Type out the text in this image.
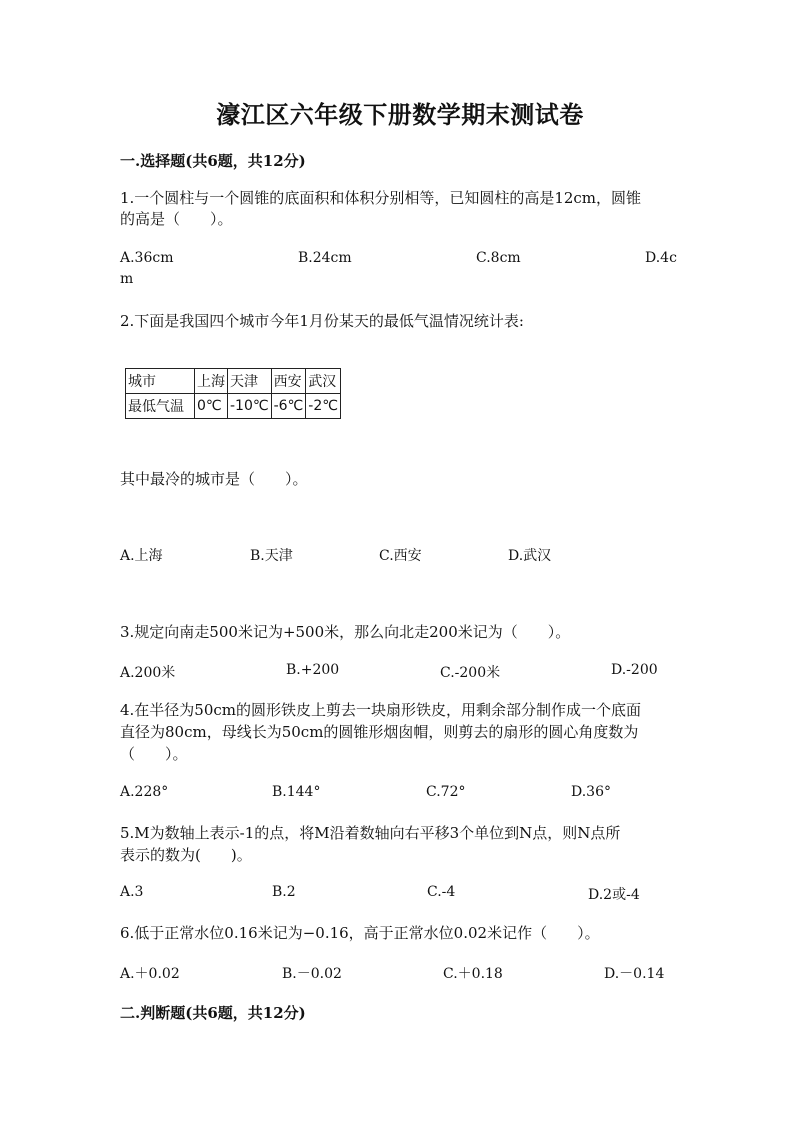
濠江区六年级下册数学期末测试卷
一.选择题(共6题，共12分)
1.一个圆柱与一个圆锥的底面积和体积分别相等，已知圆柱的高是12cm，圆锥
的高是（　　）。
A.36cm	B.24cm	C.8cm	D.4c
m
2.下面是我国四个城市今年1月份某天的最低气温情况统计表:
城市	上海	天津	西安	武汉
最低气温	0℃	-10℃	-6℃	-2℃
其中最冷的城市是（　　）。
A.上海	B.天津	C.西安	D.武汉
3.规定向南走500米记为+500米，那么向北走200米记为（　　）。
A.200米	B.+200	C.-200米	D.-200
4.在半径为50cm的圆形铁皮上剪去一块扇形铁皮，用剩余部分制作成一个底面
直径为80cm，母线长为50cm的圆锥形烟囱帽，则剪去的扇形的圆心角度数为
（　　）。
A.228°	B.144°	C.72°	D.36°
5.M为数轴上表示-1的点，将M沿着数轴向右平移3个单位到N点，则N点所
表示的数为(　　)。
A.3	B.2	C.-4	D.2或-4
6.低于正常水位0.16米记为−0.16，高于正常水位0.02米记作（　　）。
A.＋0.02	B.－0.02	C.＋0.18	D.－0.14
二.判断题(共6题，共12分)
